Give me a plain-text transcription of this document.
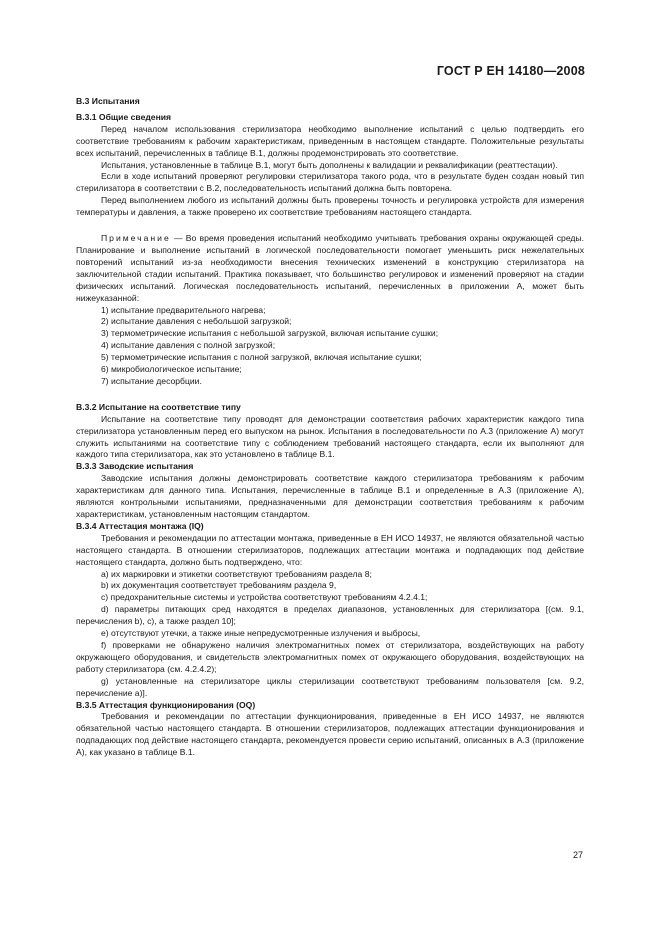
ГОСТ Р ЕН 14180—2008

В.3 Испытания

В.3.1 Общие сведения

Перед началом использования стерилизатора необходимо выполнение испытаний с целью подтвердить его соответствие требованиям к рабочим характеристикам, приведенным в настоящем стандарте. Положительные результаты всех испытаний, перечисленных в таблице В.1, должны продемонстрировать это соответствие.

Испытания, установленные в таблице В.1, могут быть дополнены к валидации и реквалификации (реаттестации).

Если в ходе испытаний проверяют регулировки стерилизатора такого рода, что в результате буден создан новый тип стерилизатора в соответствии с В.2, последовательность испытаний должна быть повторена.

Перед выполнением любого из испытаний должны быть проверены точность и регулировка устройств для измерения температуры и давления, а также проверено их соответствие требованиям настоящего стандарта.

Примечание — Во время проведения испытаний необходимо учитывать требования охраны окружающей среды. Планирование и выполнение испытаний в логической последовательности помогает уменьшить риск нежелательных повторений испытаний из-за необходимости внесения технических изменений в конструкцию стерилизатора на заключительной стадии испытаний. Практика показывает, что большинство регулировок и изменений проверяют на стадии физических испытаний. Логическая последовательность испытаний, перечисленных в приложении А, может быть нижеуказанной:

1) испытание предварительного нагрева;

2) испытание давления с небольшой загрузкой;

3) термометрические испытания с небольшой загрузкой, включая испытание сушки;

4) испытание давления с полной загрузкой;

5) термометрические испытания с полной загрузкой, включая испытание сушки;

6) микробиологическое испытание;

7) испытание десорбции.

В.3.2 Испытание на соответствие типу

Испытание на соответствие типу проводят для демонстрации соответствия рабочих характеристик каждого типа стерилизатора установленным перед его выпуском на рынок. Испытания в последовательности по А.3 (приложение А) могут служить испытаниями на соответствие типу с соблюдением требований настоящего стандарта, если их выполняют для каждого типа стерилизатора, как это установлено в таблице В.1.

В.3.3 Заводские испытания

Заводские испытания должны демонстрировать соответствие каждого стерилизатора требованиям к рабочим характеристикам для данного типа. Испытания, перечисленные в таблице В.1 и определенные в А.3 (приложение А), являются контрольными испытаниями, предназначенными для демонстрации соответствия требованиям к рабочим характеристикам, установленным настоящим стандартом.

В.3.4 Аттестация монтажа (IQ)

Требования и рекомендации по аттестации монтажа, приведенные в ЕН ИСО 14937, не являются обязательной частью настоящего стандарта. В отношении стерилизаторов, подлежащих аттестации монтажа и подпадающих под действие настоящего стандарта, должно быть подтверждено, что:

а) их маркировки и этикетки соответствуют требованиям раздела 8;

b) их документация соответствует требованиям раздела 9,

с) предохранительные системы и устройства соответствуют требованиям 4.2.4.1;

d) параметры питающих сред находятся в пределах диапазонов, установленных для стерилизатора [(см. 9.1, перечисления b), с), а также раздел 10];

е) отсутствуют утечки, а также иные непредусмотренные излучения и выбросы,

f) проверками не обнаружено наличия электромагнитных помех от стерилизатора, воздействующих на работу окружающего оборудования, и свидетельств электромагнитных помех от окружающего оборудования, воздействующих на работу стерилизатора (см. 4.2.4.2);

g) установленные на стерилизаторе циклы стерилизации соответствуют требованиям пользователя [см. 9.2, перечисление а)].

В.3.5 Аттестация функционирования (OQ)

Требования и рекомендации по аттестации функционирования, приведенные в ЕН ИСО 14937, не являются обязательной частью настоящего стандарта. В отношении стерилизаторов, подлежащих аттестации функционирования и подпадающих под действие настоящего стандарта, рекомендуется провести серию испытаний, описанных в А.3 (приложение А), как указано в таблице В.1.

27
